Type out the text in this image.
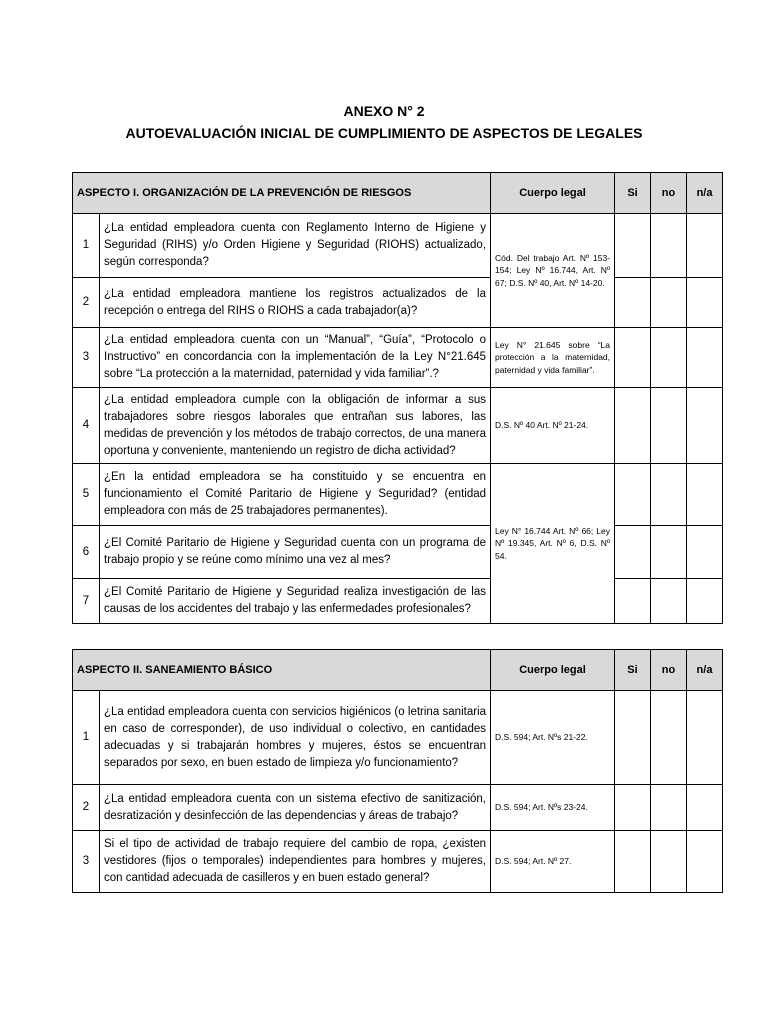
ANEXO N° 2
AUTOEVALUACIÓN INICIAL DE CUMPLIMIENTO DE ASPECTOS DE LEGALES
ASPECTO I. ORGANIZACIÓN DE LA PREVENCIÓN DE RIESGOS		Cuerpo legal	Si	no	n/a
1	¿La entidad empleadora cuenta con Reglamento Interno de Higiene y Seguridad (RIHS) y/o Orden Higiene y Seguridad (RIOHS) actualizado, según corresponda?	Cód. Del trabajo Art. Nº 153-154; Ley Nº 16.744, Art. Nº 67; D.S. Nº 40, Art. Nº 14-20.			
2	¿La entidad empleadora mantiene los registros actualizados de la recepción o entrega del RIHS o RIOHS a cada trabajador(a)?				
3	¿La entidad empleadora cuenta con un “Manual”, “Guía”, “Protocolo o Instructivo” en concordancia con la implementación de la Ley N°21.645 sobre “La protección a la maternidad, paternidad y vida familiar”.?	Ley N° 21.645 sobre “La protección a la maternidad, paternidad y vida familiar”.			
4	¿La entidad empleadora cumple con la obligación de informar a sus trabajadores sobre riesgos laborales que entrañan sus labores, las medidas de prevención y los métodos de trabajo correctos, de una manera oportuna y conveniente, manteniendo un registro de dicha actividad?	D.S. Nº 40 Art. Nº 21-24.			
5	¿En la entidad empleadora se ha constituido y se encuentra en funcionamiento el Comité Paritario de Higiene y Seguridad? (entidad empleadora con más de 25 trabajadores permanentes).	Ley N° 16.744 Art. Nº 66; Ley Nº 19.345, Art. Nº 6, D.S. Nº 54.			
6	¿El Comité Paritario de Higiene y Seguridad cuenta con un programa de trabajo propio y se reúne como mínimo una vez al mes?				
7	¿El Comité Paritario de Higiene y Seguridad realiza investigación de las causas de los accidentes del trabajo y las enfermedades profesionales?				
ASPECTO II. SANEAMIENTO BÁSICO		Cuerpo legal	Si	no	n/a
1	¿La entidad empleadora cuenta con servicios higiénicos (o letrina sanitaria en caso de corresponder), de uso individual o colectivo, en cantidades adecuadas y si trabajarán hombres y mujeres, éstos se encuentran separados por sexo, en buen estado de limpieza y/o funcionamiento?	D.S. 594; Art. Nºs 21-22.			
2	¿La entidad empleadora cuenta con un sistema efectivo de sanitización, desratización y desinfección de las dependencias y áreas de trabajo?	D.S. 594; Art. Nºs 23-24.			
3	Si el tipo de actividad de trabajo requiere del cambio de ropa, ¿existen vestidores (fijos o temporales) independientes para hombres y mujeres, con cantidad adecuada de casilleros y en buen estado general?	D.S. 594; Art. Nº 27.			
